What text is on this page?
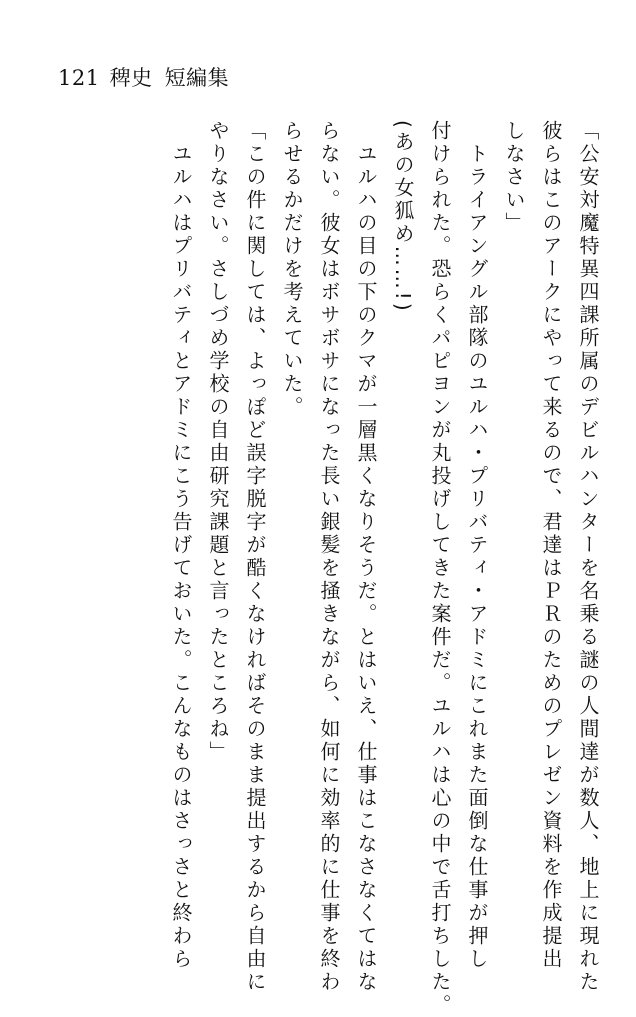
121 稗史 短編集
「公安対魔特異四課所属のデビルハンターを名乗る謎の人間達が数人、地上に現れた
彼らはこのアークにやって来るので、君達はＰＲのためのプレゼン資料を作成提出
しなさい」
　トライアングル部隊のユルハ・プリバティ・アドミにこれまた面倒な仕事が押し
付けられた。恐らくパピヨンが丸投げしてきた案件だ。ユルハは心の中で舌打ちした。
(あの女狐め……!)
　ユルハの目の下のクマが一層黒くなりそうだ。とはいえ、仕事はこなさなくてはな
らない。彼女はボサボサになった長い銀髪を掻きながら、如何に効率的に仕事を終わ
らせるかだけを考えていた。
「この件に関しては、よっぽど誤字脱字が酷くなければそのまま提出するから自由に
やりなさい。さしづめ学校の自由研究課題と言ったところね」
　ユルハはプリバティとアドミにこう告げておいた。こんなものはさっさと終わら
